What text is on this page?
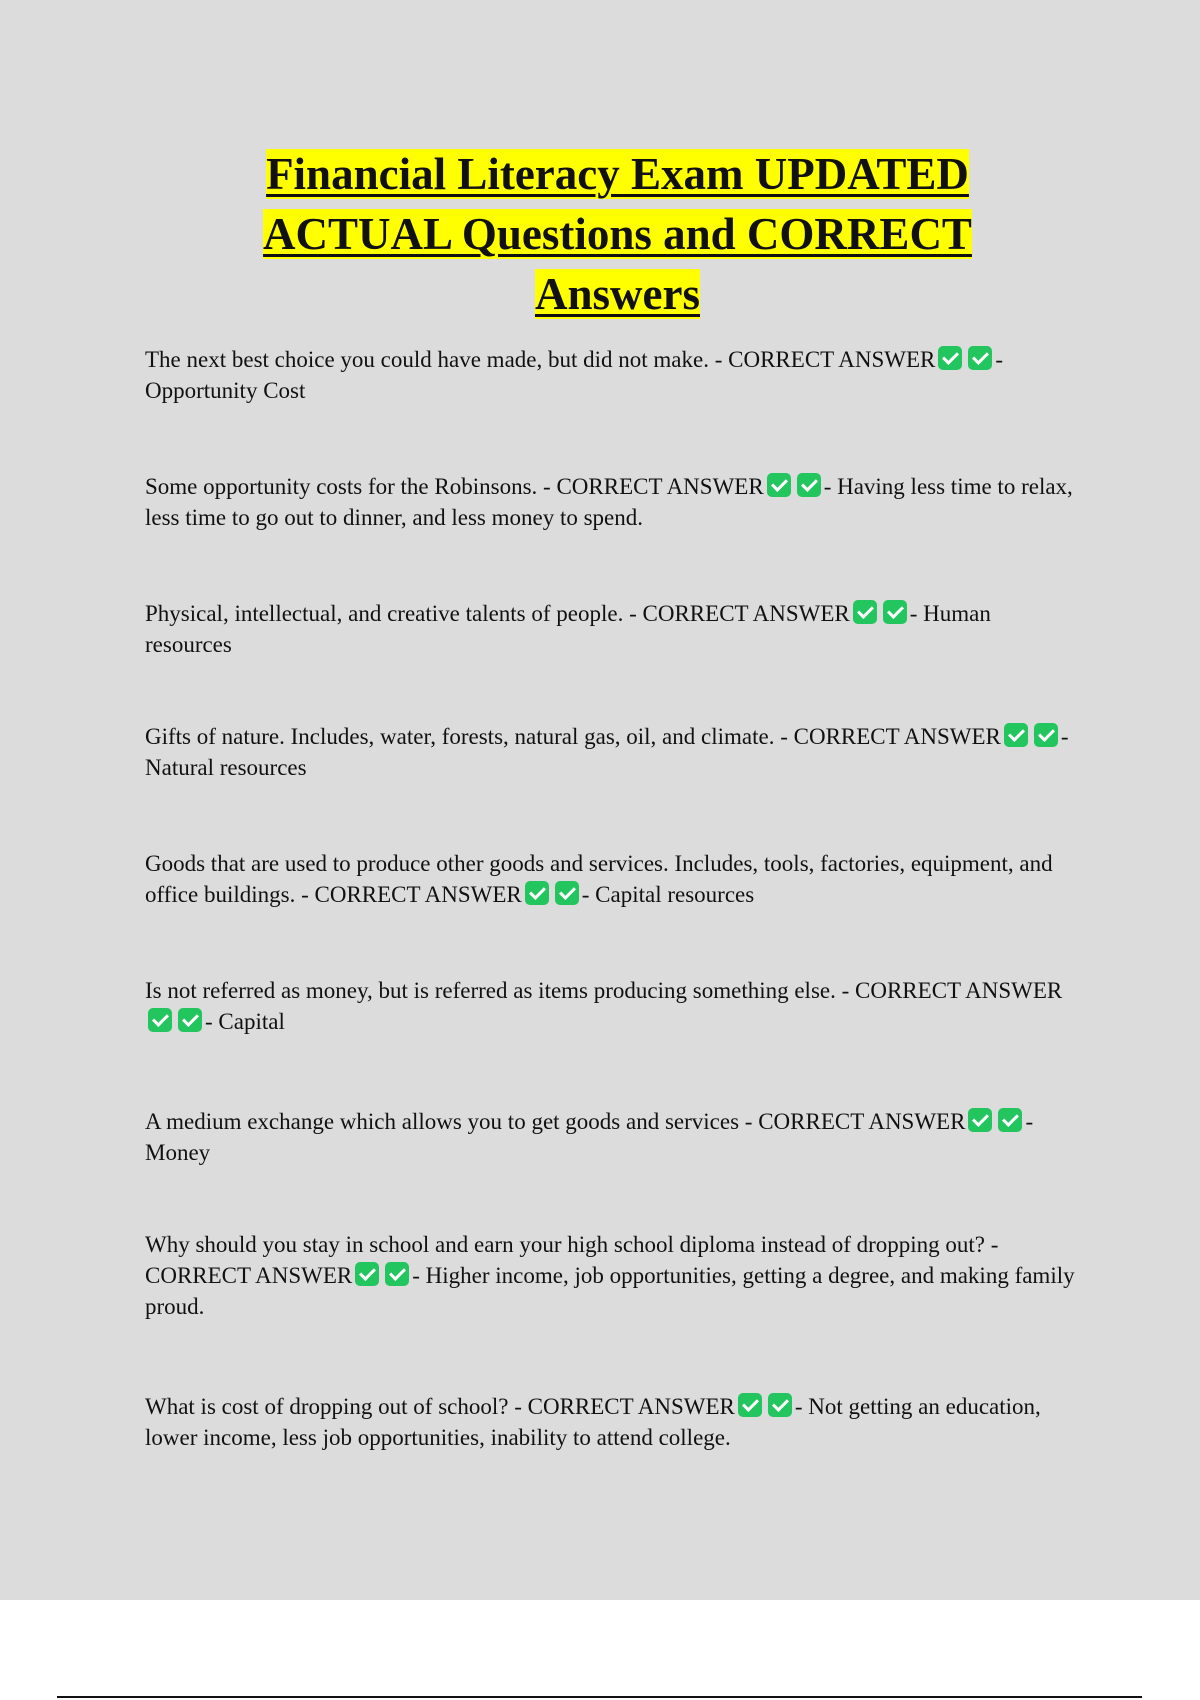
Financial Literacy Exam UPDATED ACTUAL Questions and CORRECT Answers

The next best choice you could have made, but did not make. - CORRECT ANSWER	- Opportunity Cost

Some opportunity costs for the Robinsons. - CORRECT ANSWER	- Having less time to relax, less time to go out to dinner, and less money to spend.

Physical, intellectual, and creative talents of people. - CORRECT ANSWER	- Human resources

Gifts of nature. Includes, water, forests, natural gas, oil, and climate. - CORRECT ANSWER	- Natural resources

Goods that are used to produce other goods and services. Includes, tools, factories, equipment, and office buildings. - CORRECT ANSWER	- Capital resources

Is not referred as money, but is referred as items producing something else. - CORRECT ANSWER- Capital

A medium exchange which allows you to get goods and services - CORRECT ANSWER	- Money

Why should you stay in school and earn your high school diploma instead of dropping out? - CORRECT ANSWER	- Higher income, job opportunities, getting a degree, and making family proud.

What is cost of dropping out of school? - CORRECT ANSWER	- Not getting an education, lower income, less job opportunities, inability to attend college.
